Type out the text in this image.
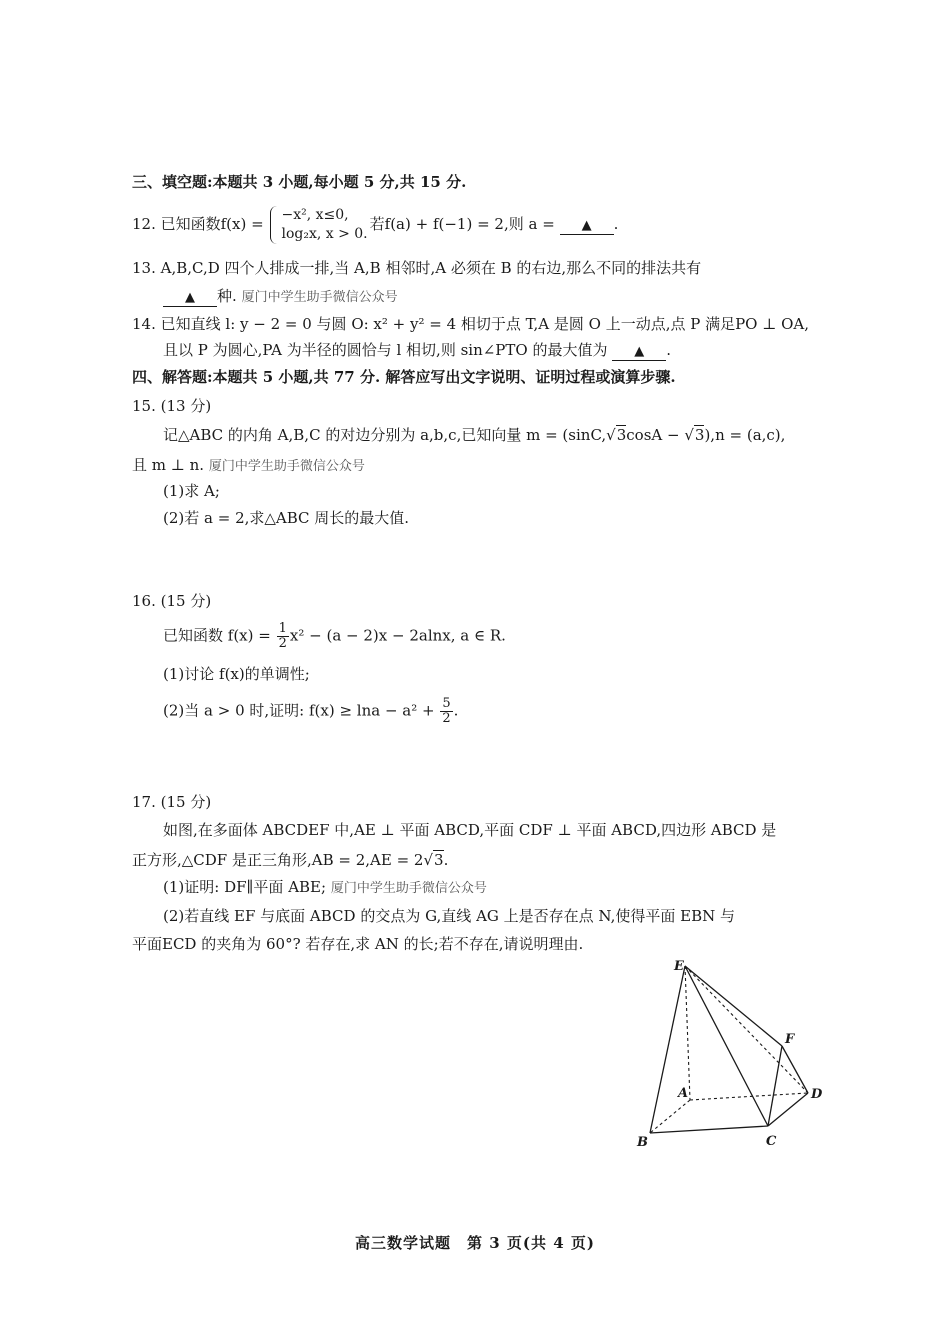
三、填空题:本题共 3 小题,每小题 5 分,共 15 分.
12. 已知函数f(x) = −x², x≤0,
log₂x, x > 0.
若f(a) + f(−1) = 2,则 a = ▲ .
13. A,B,C,D 四个人排成一排,当 A,B 相邻时,A 必须在 B 的右边,那么不同的排法共有
▲ 种. 厦门中学生助手微信公众号
14. 已知直线 l: y − 2 = 0 与圆 O: x² + y² = 4 相切于点 T,A 是圆 O 上一动点,点 P 满足PO ⊥ OA,
且以 P 为圆心,PA 为半径的圆恰与 l 相切,则 sin∠PTO 的最大值为 ▲ .
四、解答题:本题共 5 小题,共 77 分. 解答应写出文字说明、证明过程或演算步骤.
15. (13 分)
记△ABC 的内角 A,B,C 的对边分别为 a,b,c,已知向量 m = (sinC,√3cosA − √3),n = (a,c),
且 m ⊥ n. 厦门中学生助手微信公众号
(1)求 A;
(2)若 a = 2,求△ABC 周长的最大值.
16. (15 分)
已知函数 $f(x) = \frac{1}{2} x^2 - (a - 2)x - 2alnx$, a ∈ R.
(1)讨论 f(x)的单调性;
(2)当 a > 0 时,证明: $f(x) \ge \ln a - a^2 + \frac{5}{2}$ .
17. (15 分)
如图,在多面体 ABCDEF 中,AE ⊥ 平面 ABCD,平面 CDF ⊥ 平面 ABCD,四边形 ABCD 是
正方形,△CDF 是正三角形,AB = 2,AE = 2√3.
(1)证明: DF∥平面 ABE; 厦门中学生助手微信公众号
(2)若直线 EF 与底面 ABCD 的交点为 G,直线 AG 上是否存在点 N,使得平面 EBN 与
平面ECD 的夹角为 60°? 若存在,求 AN 的长;若不存在,请说明理由.
E
F
A	D
B	C
高三数学试题　第 3 页(共 4 页)
